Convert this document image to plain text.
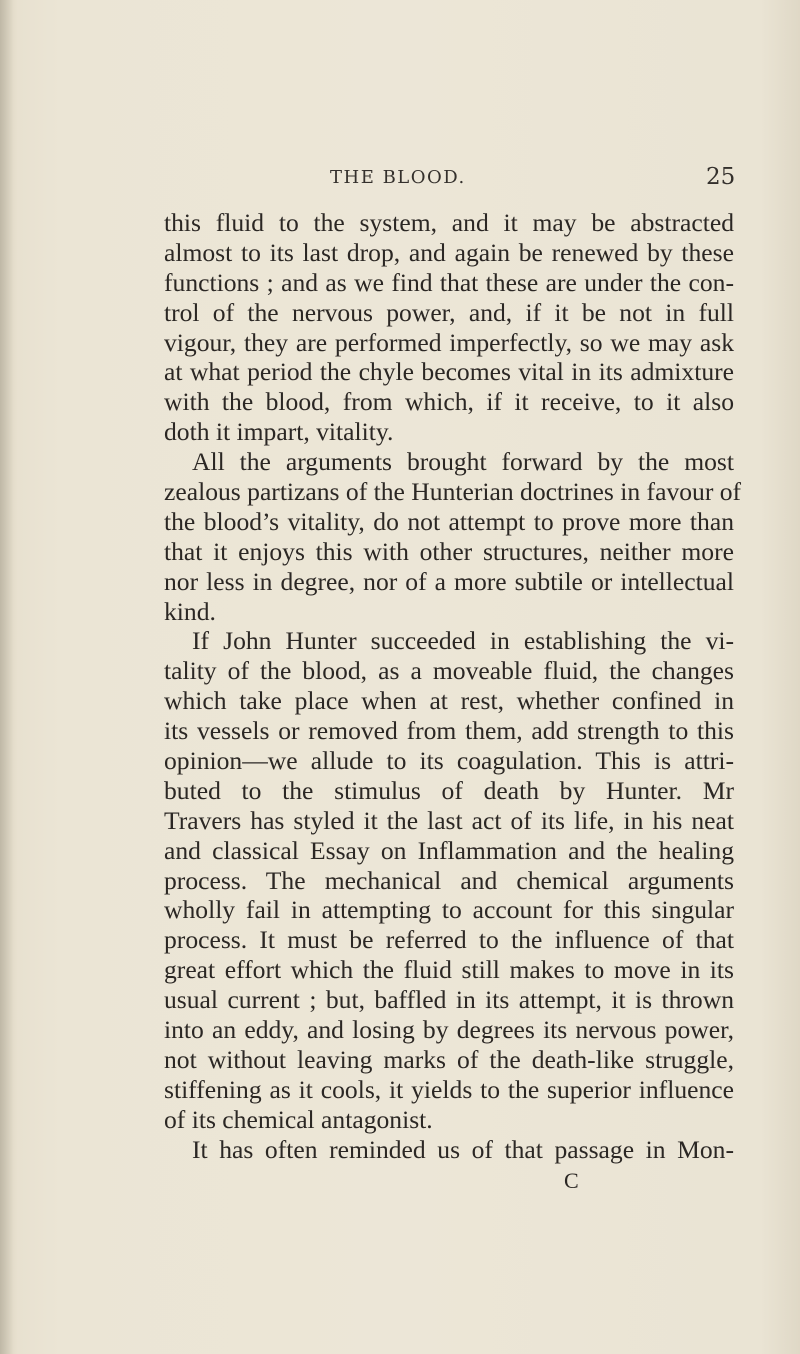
THE BLOOD.	25
this fluid to the system, and it may be abstracted
almost to its last drop, and again be renewed by these
functions ; and as we find that these are under the con-
trol of the nervous power, and, if it be not in full
vigour, they are performed imperfectly, so we may ask
at what period the chyle becomes vital in its admixture
with the blood, from which, if it receive, to it also
doth it impart, vitality.
All the arguments brought forward by the most
zealous partizans of the Hunterian doctrines in favour of
the blood’s vitality, do not attempt to prove more than
that it enjoys this with other structures, neither more
nor less in degree, nor of a more subtile or intellectual
kind.
If John Hunter succeeded in establishing the vi-
tality of the blood, as a moveable fluid, the changes
which take place when at rest, whether confined in
its vessels or removed from them, add strength to this
opinion—we allude to its coagulation. This is attri-
buted to the stimulus of death by Hunter. Mr
Travers has styled it the last act of its life, in his neat
and classical Essay on Inflammation and the healing
process. The mechanical and chemical arguments
wholly fail in attempting to account for this singular
process. It must be referred to the influence of that
great effort which the fluid still makes to move in its
usual current ; but, baffled in its attempt, it is thrown
into an eddy, and losing by degrees its nervous power,
not without leaving marks of the death-like struggle,
stiffening as it cools, it yields to the superior influence
of its chemical antagonist.
It has often reminded us of that passage in Mon-
C
